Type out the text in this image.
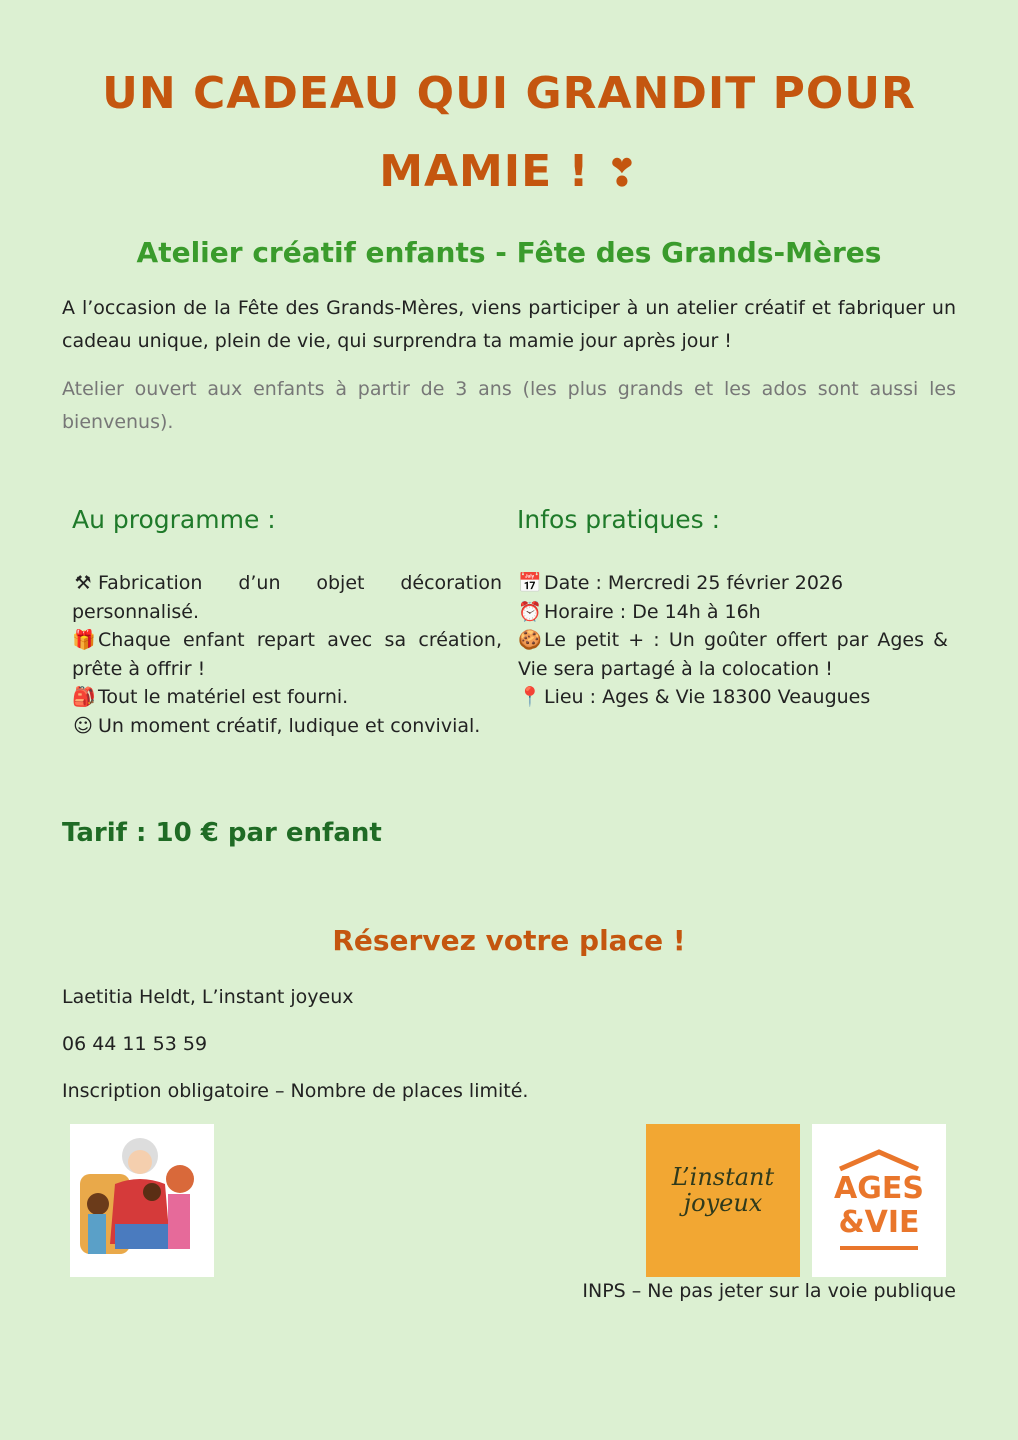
UN CADEAU QUI GRANDIT POUR
MAMIE ! ❣
Atelier créatif enfants - Fête des Grands-Mères
A l’occasion de la Fête des Grands-Mères, viens participer à un atelier créatif et fabriquer un cadeau unique, plein de vie, qui surprendra ta mamie jour après jour !
Atelier ouvert aux enfants à partir de 3 ans (les plus grands et les ados sont aussi les bienvenus).
Au programme :	Infos pratiques :
⚒ Fabrication d’un objet décoration personnalisé.
🎁 Chaque enfant repart avec sa création, prête à offrir !
🎒 Tout le matériel est fourni.
☺ Un moment créatif, ludique et convivial.
📅 Date : Mercredi 25 février 2026
⏰ Horaire : De 14h à 16h
🍪 Le petit + : Un goûter offert par Ages & Vie sera partagé à la colocation !
📍 Lieu : Ages & Vie 18300 Veaugues
Tarif : 10 € par enfant
Réservez votre place !
Laetitia Heldt, L’instant joyeux
06 44 11 53 59
Inscription obligatoire – Nombre de places limité.
L’instant joyeux	AGES
&VIE
INPS – Ne pas jeter sur la voie publique
